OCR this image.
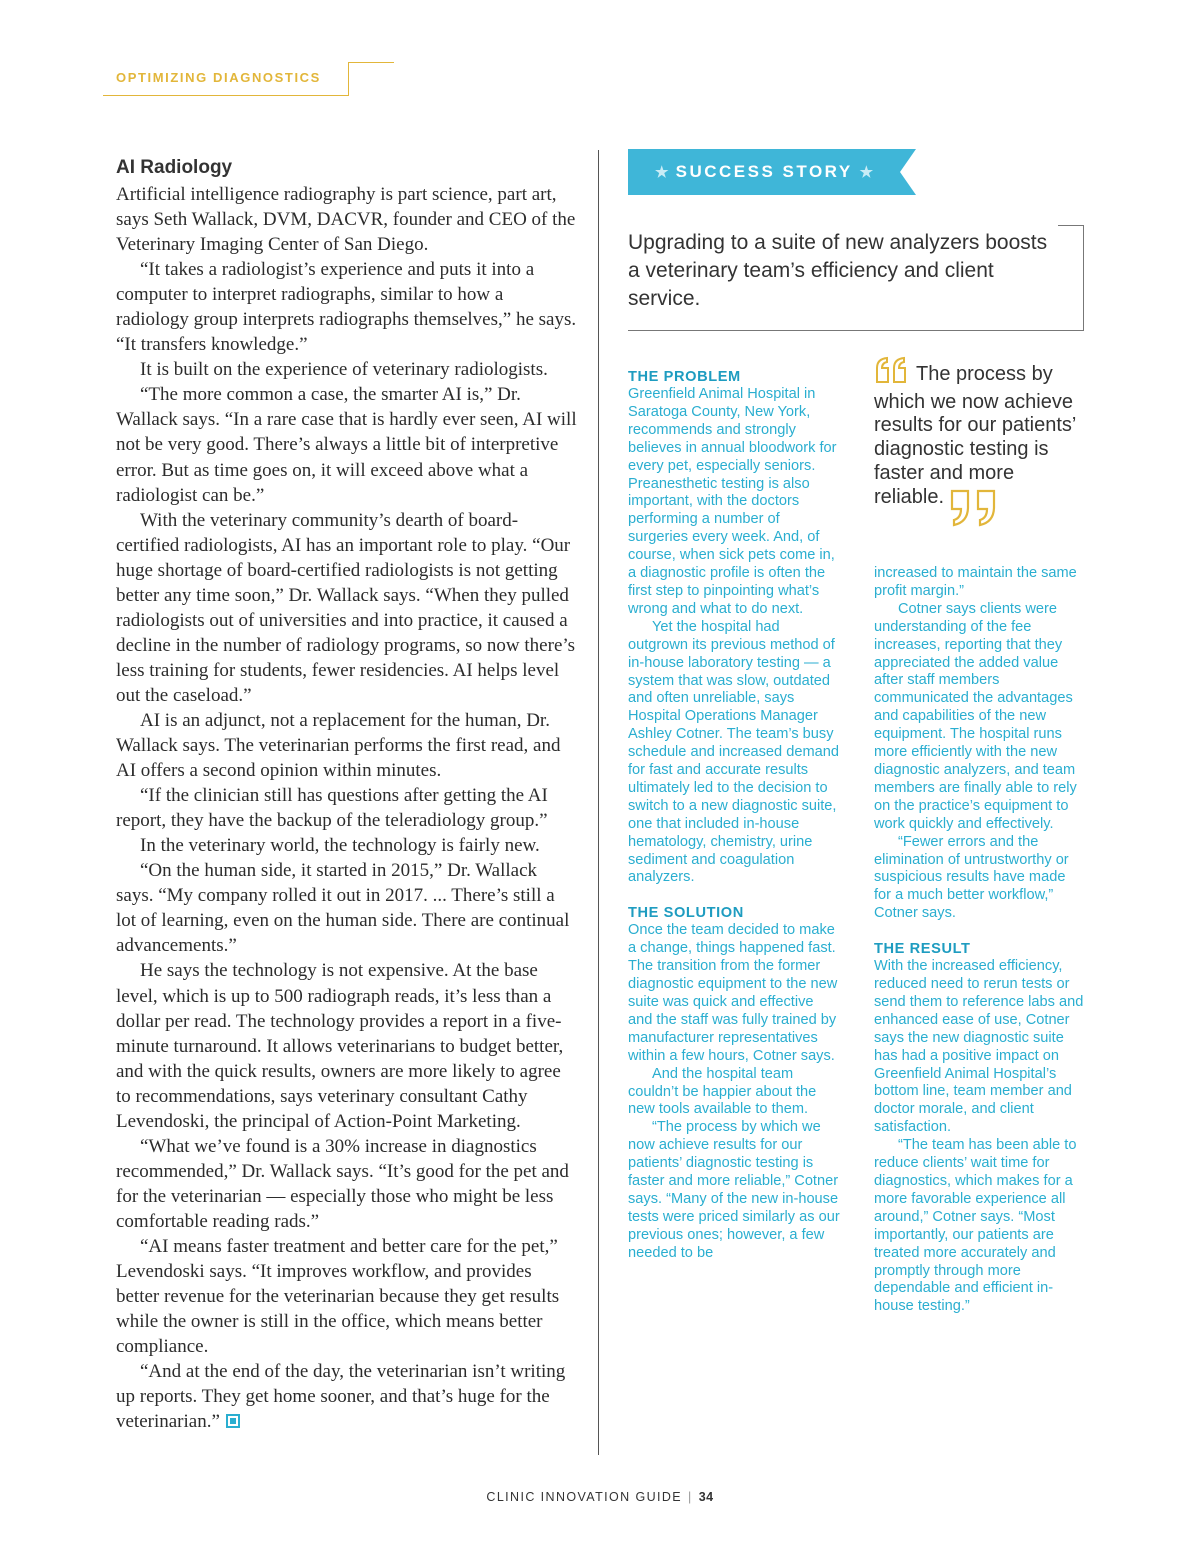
OPTIMIZING DIAGNOSTICS
AI Radiology

Artificial intelligence radiography is part science, part art, says Seth Wallack, DVM, DACVR, founder and CEO of the Veterinary Imaging Center of San Diego.

“It takes a radiologist’s experience and puts it into a computer to interpret radiographs, similar to how a radiology group interprets radiographs themselves,” he says. “It transfers knowledge.”

It is built on the experience of veterinary radiologists.

“The more common a case, the smarter AI is,” Dr. Wallack says. “In a rare case that is hardly ever seen, AI will not be very good. There’s always a little bit of interpretive error. But as time goes on, it will exceed above what a radiologist can be.”

With the veterinary community’s dearth of board-certified radiologists, AI has an important role to play. “Our huge shortage of board-certified radiologists is not getting better any time soon,” Dr. Wallack says. “When they pulled radiologists out of universities and into practice, it caused a decline in the number of radiology programs, so now there’s less training for students, fewer residencies. AI helps level out the caseload.”

AI is an adjunct, not a replacement for the human, Dr. Wallack says. The veterinarian performs the first read, and AI offers a second opinion within minutes.

“If the clinician still has questions after getting the AI report, they have the backup of the teleradiology group.”

In the veterinary world, the technology is fairly new.

“On the human side, it started in 2015,” Dr. Wallack says. “My company rolled it out in 2017. ... There’s still a lot of learning, even on the human side. There are continual advancements.”

He says the technology is not expensive. At the base level, which is up to 500 radiograph reads, it’s less than a dollar per read. The technology provides a report in a five-minute turnaround. It allows veterinarians to budget better, and with the quick results, owners are more likely to agree to recommendations, says veterinary consultant Cathy Levendoski, the principal of Action-Point Marketing.

“What we’ve found is a 30% increase in diagnostics recommended,” Dr. Wallack says. “It’s good for the pet and for the veterinarian — especially those who might be less comfortable reading rads.”

“AI means faster treatment and better care for the pet,” Levendoski says. “It improves workflow, and provides better revenue for the veterinarian because they get results while the owner is still in the office, which means better compliance.

“And at the end of the day, the veterinarian isn’t writing up reports. They get home sooner, and that’s huge for the veterinarian.”

★ SUCCESS STORY ★

Upgrading to a suite of new analyzers boosts a veterinary team’s efficiency and client service.

THE PROBLEM

Greenfield Animal Hospital in Saratoga County, New York, recommends and strongly believes in annual bloodwork for every pet, especially seniors. Preanesthetic testing is also important, with the doctors performing a number of surgeries every week. And, of course, when sick pets come in, a diagnostic profile is often the first step to pinpointing what’s wrong and what to do next.

Yet the hospital had outgrown its previous method of in-house laboratory testing — a system that was slow, outdated and often unreliable, says Hospital Operations Manager Ashley Cotner. The team’s busy schedule and increased demand for fast and accurate results ultimately led to the decision to switch to a new diagnostic suite, one that included in-house hematology, chemistry, urine sediment and coagulation analyzers.

THE SOLUTION

Once the team decided to make a change, things happened fast. The transition from the former diagnostic equipment to the new suite was quick and effective and the staff was fully trained by manufacturer representatives within a few hours, Cotner says.

And the hospital team couldn’t be happier about the new tools available to them.

“The process by which we now achieve results for our patients’ diagnostic testing is faster and more reliable,” Cotner says. “Many of the new in-house tests were priced similarly as our previous ones; however, a few needed to be

The process by which we now achieve results for our patients’ diagnostic testing is faster and more reliable.

increased to maintain the same profit margin.”

Cotner says clients were understanding of the fee increases, reporting that they appreciated the added value after staff members communicated the advantages and capabilities of the new equipment. The hospital runs more efficiently with the new diagnostic analyzers, and team members are finally able to rely on the practice’s equipment to work quickly and effectively.

“Fewer errors and the elimination of untrustworthy or suspicious results have made for a much better workflow,” Cotner says.

THE RESULT

With the increased efficiency, reduced need to rerun tests or send them to reference labs and enhanced ease of use, Cotner says the new diagnostic suite has had a positive impact on Greenfield Animal Hospital’s bottom line, team member and doctor morale, and client satisfaction.

“The team has been able to reduce clients’ wait time for diagnostics, which makes for a more favorable experience all around,” Cotner says. “Most importantly, our patients are treated more accurately and promptly through more dependable and efficient in-house testing.”

CLINIC INNOVATION GUIDE | 34
